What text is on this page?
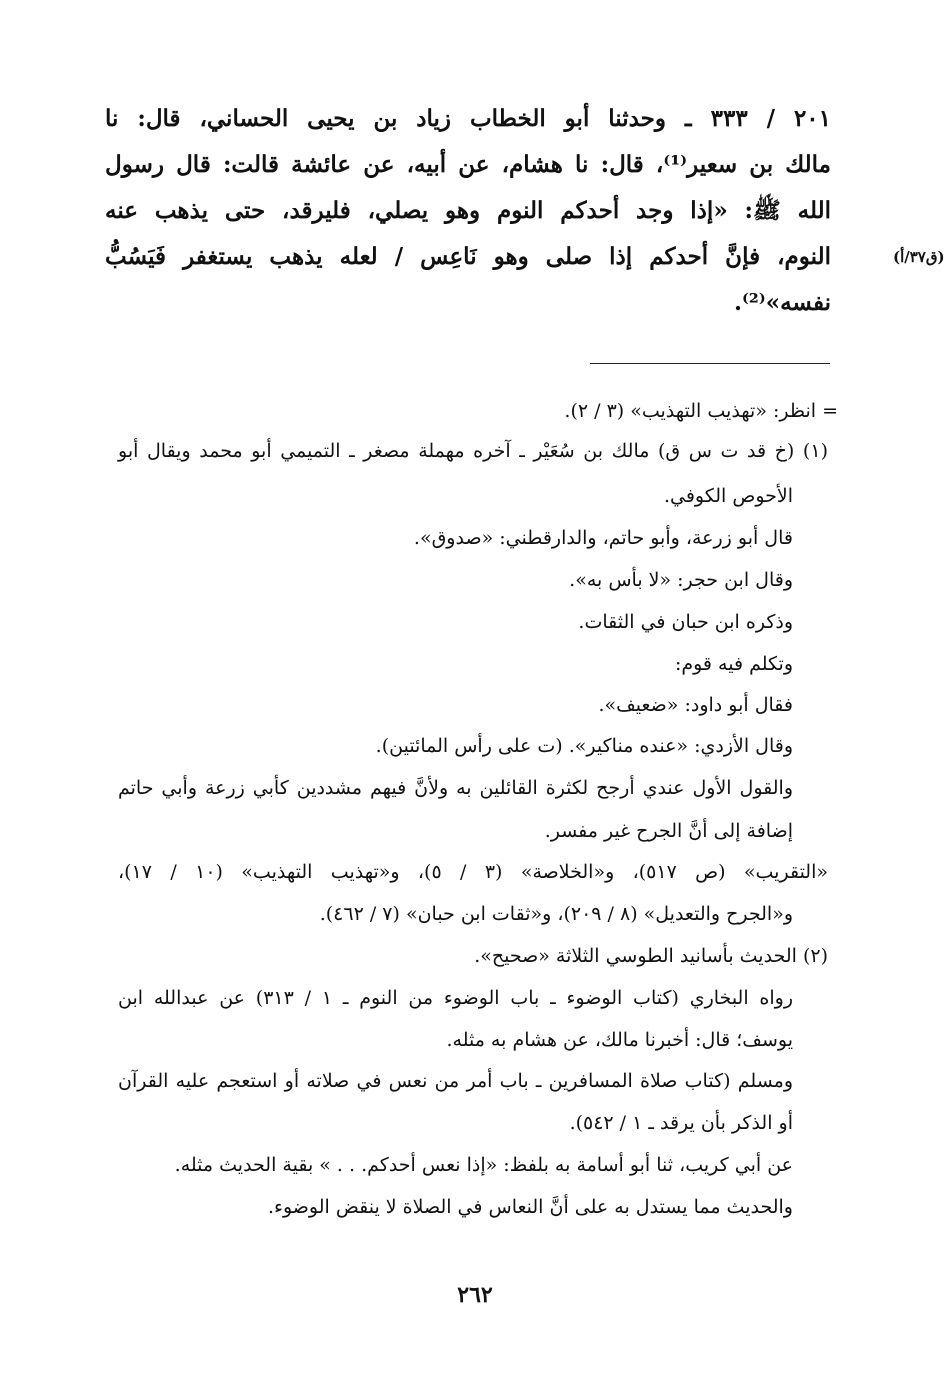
٢٠١ / ٣٣٣ ـ وحدثنا أبو الخطاب زياد بن يحيى الحساني، قال: نا
مالك بن سعير⁽¹⁾، قال: نا هشام، عن أبيه، عن عائشة قالت: قال رسول
الله ﷺ: «إذا وجد أحدكم النوم وهو يصلي، فليرقد، حتى يذهب عنه
النوم، فإنَّ أحدكم إذا صلى وهو نَاعِس / لعله يذهب يستغفر فَيَسُبُّ
نفسه»⁽²⁾.
(ق٣٧/أ)
= انظر: «تهذيب التهذيب» (٣ / ٢).
(١) (خ قد ت س ق) مالك بن سُعَيْر ـ آخره مهملة مصغر ـ التميمي أبو محمد ويقال أبو
الأحوص الكوفي.
قال أبو زرعة، وأبو حاتم، والدارقطني: «صدوق».
وقال ابن حجر: «لا بأس به».
وذكره ابن حبان في الثقات.
وتكلم فيه قوم:
فقال أبو داود: «ضعيف».
وقال الأزدي: «عنده مناكير». (ت على رأس المائتين).
والقول الأول عندي أرجح لكثرة القائلين به ولأنَّ فيهم مشددين كأبي زرعة وأبي حاتم
إضافة إلى أنَّ الجرح غير مفسر.
«التقريب» (ص ٥١٧)، و«الخلاصة» (٣ / ٥)، و«تهذيب التهذيب» (١٠ / ١٧)،
و«الجرح والتعديل» (٨ / ٢٠٩)، و«ثقات ابن حبان» (٧ / ٤٦٢).
(٢) الحديث بأسانيد الطوسي الثلاثة «صحيح».
رواه البخاري (كتاب الوضوء ـ باب الوضوء من النوم ـ ١ / ٣١٣) عن عبدالله ابن
يوسف؛ قال: أخبرنا مالك، عن هشام به مثله.
ومسلم (كتاب صلاة المسافرين ـ باب أمر من نعس في صلاته أو استعجم عليه القرآن
أو الذكر بأن يرقد ـ ١ / ٥٤٢).
عن أبي كريب، ثنا أبو أسامة به بلفظ: «إذا نعس أحدكم. . . » بقية الحديث مثله.
والحديث مما يستدل به على أنَّ النعاس في الصلاة لا ينقض الوضوء.
٢٦٢
